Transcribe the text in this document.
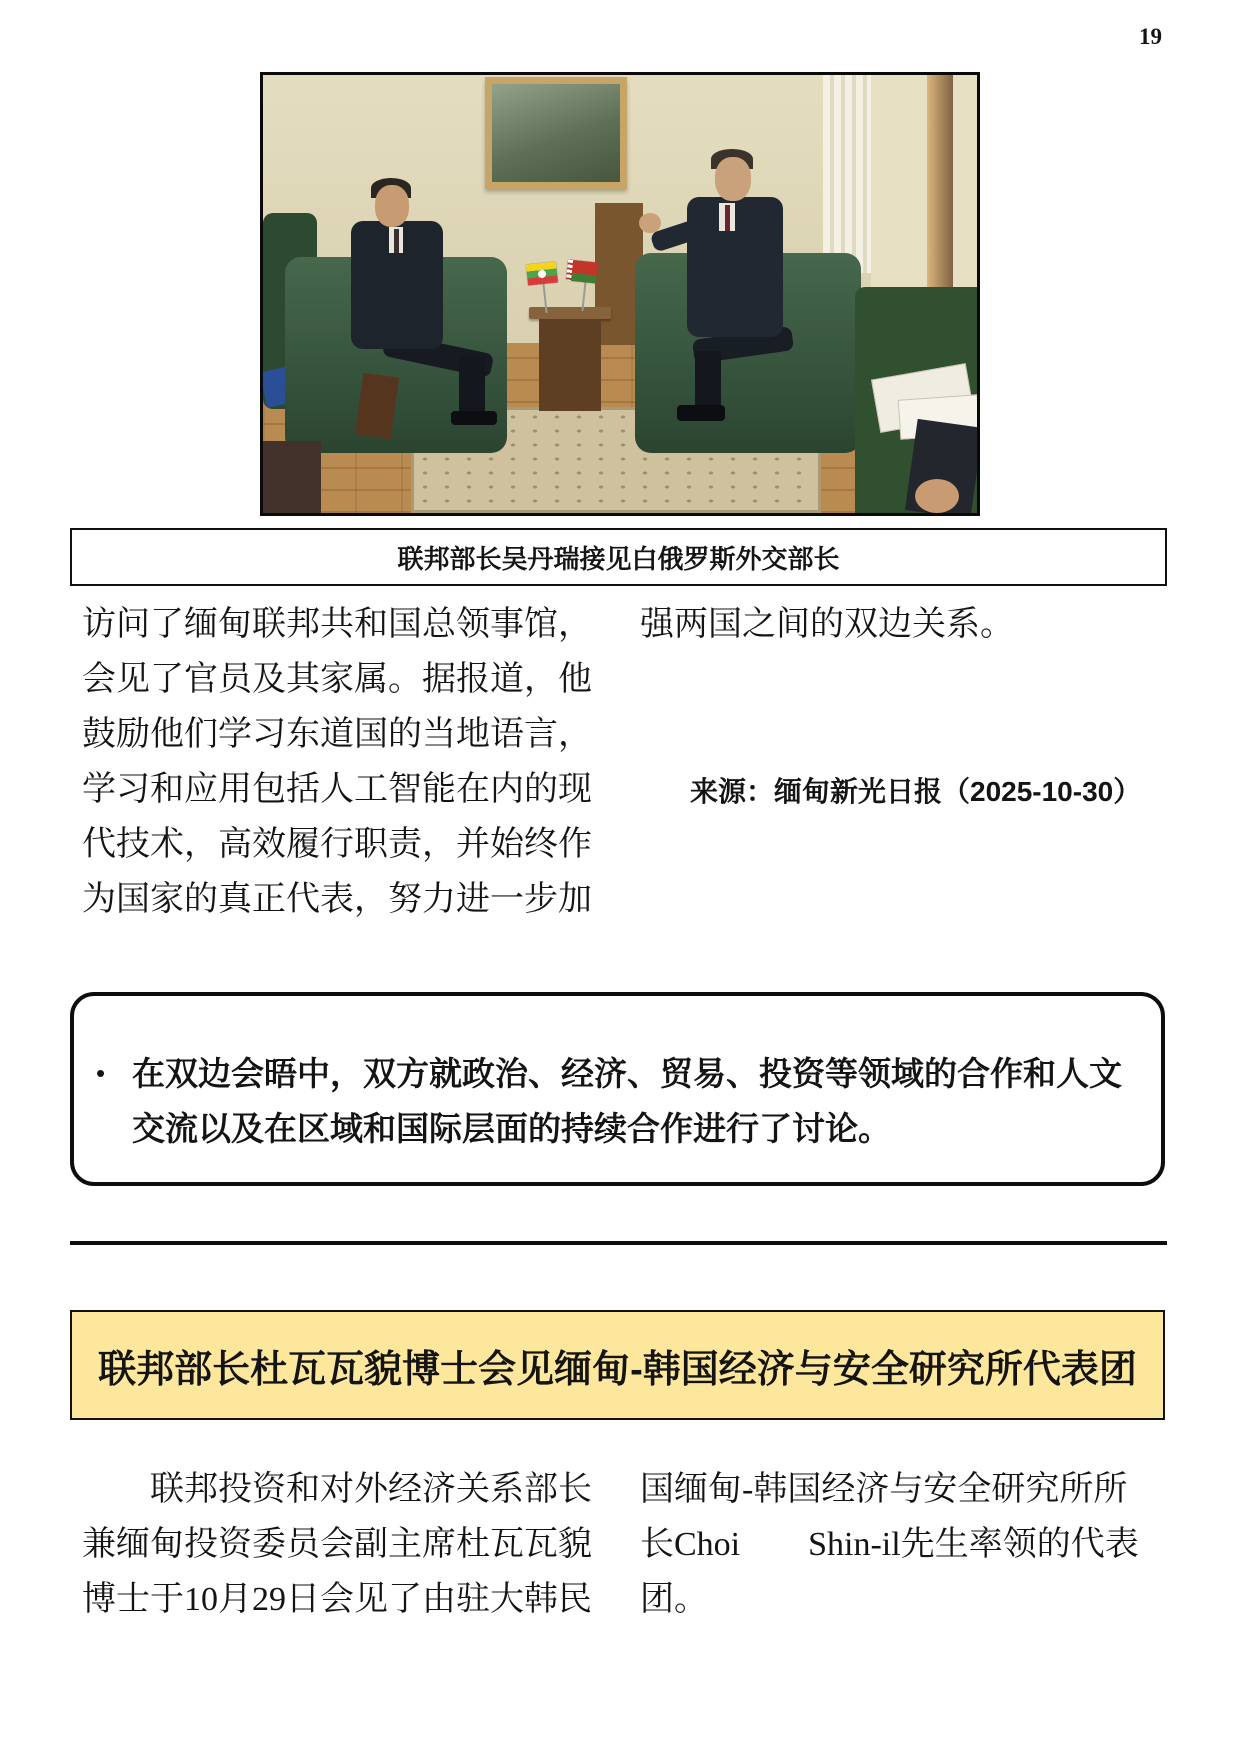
19
联邦部长吴丹瑞接见白俄罗斯外交部长
访问了缅甸联邦共和国总领事馆，
会见了官员及其家属。据报道，他
鼓励他们学习东道国的当地语言，
学习和应用包括人工智能在内的现
代技术，高效履行职责，并始终作
为国家的真正代表，努力进一步加
强两国之间的双边关系。
来源：缅甸新光日报（2025-10-30）
• 在双边会晤中，双方就政治、经济、贸易、投资等领域的合作和人文
交流以及在区域和国际层面的持续合作进行了讨论。
联邦部长杜瓦瓦貌博士会见缅甸-韩国经济与安全研究所代表团
联邦投资和对外经济关系部长
兼缅甸投资委员会副主席杜瓦瓦貌
博士于10月29日会见了由驻大韩民
国缅甸-韩国经济与安全研究所所
长Choi　　Shin-il先生率领的代表
团。
